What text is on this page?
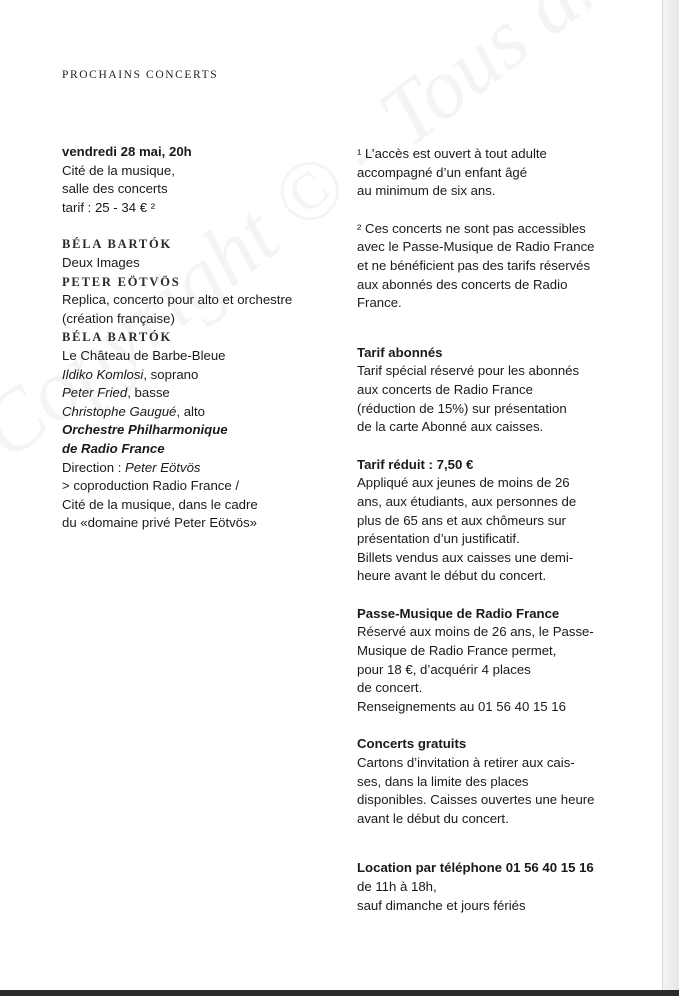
PROCHAINS CONCERTS
vendredi 28 mai, 20h
Cité de la musique,
salle des concerts
tarif : 25 - 34 € ²
BÉLA BARTÓK
Deux Images
PETER EÖTVÖS
Replica, concerto pour alto et orchestre
(création française)
BÉLA BARTÓK
Le Château de Barbe-Bleue
Ildiko Komlosi, soprano
Peter Fried, basse
Christophe Gaugué, alto
Orchestre Philharmonique
de Radio France
Direction : Peter Eötvös
> coproduction Radio France /
Cité de la musique, dans le cadre
du «domaine privé Peter Eötvös»
¹ L’accès est ouvert à tout adulte
accompagné d’un enfant âgé
au minimum de six ans.
² Ces concerts ne sont pas accessibles
avec le Passe-Musique de Radio France
et ne bénéficient pas des tarifs réservés
aux abonnés des concerts de Radio
France.
Tarif abonnés
Tarif spécial réservé pour les abonnés
aux concerts de Radio France
(réduction de 15%) sur présentation
de la carte Abonné aux caisses.
Tarif réduit : 7,50 €
Appliqué aux jeunes de moins de 26
ans, aux étudiants, aux personnes de
plus de 65 ans et aux chômeurs sur
présentation d’un justificatif.
Billets vendus aux caisses une demi-
heure avant le début du concert.
Passe-Musique de Radio France
Réservé aux moins de 26 ans, le Passe-
Musique de Radio France permet,
pour 18 €, d’acquérir 4 places
de concert.
Renseignements au 01 56 40 15 16
Concerts gratuits
Cartons d’invitation à retirer aux cais-
ses, dans la limite des places
disponibles. Caisses ouvertes une heure
avant le début du concert.
Location par téléphone 01 56 40 15 16
de 11h à 18h,
sauf dimanche et jours fériés
